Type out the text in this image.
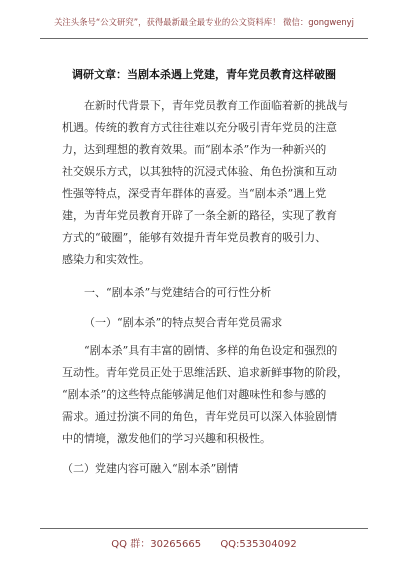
关注头条号“公文研究”，获得最新最全最专业的公文资料库！ 微信：gongwenyj
调研文章：当剧本杀遇上党建，青年党员教育这样破圈
在新时代背景下，青年党员教育工作面临着新的挑战与
机遇。传统的教育方式往往难以充分吸引青年党员的注意
力，达到理想的教育效果。而“剧本杀”作为一种新兴的
社交娱乐方式，以其独特的沉浸式体验、角色扮演和互动
性强等特点，深受青年群体的喜爱。当“剧本杀”遇上党
建，为青年党员教育开辟了一条全新的路径，实现了教育
方式的“破圈”，能够有效提升青年党员教育的吸引力、
感染力和实效性。
一、“剧本杀”与党建结合的可行性分析
（一）“剧本杀”的特点契合青年党员需求
“剧本杀”具有丰富的剧情、多样的角色设定和强烈的
互动性。青年党员正处于思维活跃、追求新鲜事物的阶段，
“剧本杀”的这些特点能够满足他们对趣味性和参与感的
需求。通过扮演不同的角色，青年党员可以深入体验剧情
中的情境，激发他们的学习兴趣和积极性。
（二）党建内容可融入“剧本杀”剧情
QQ 群：30265665 QQ:535304092
